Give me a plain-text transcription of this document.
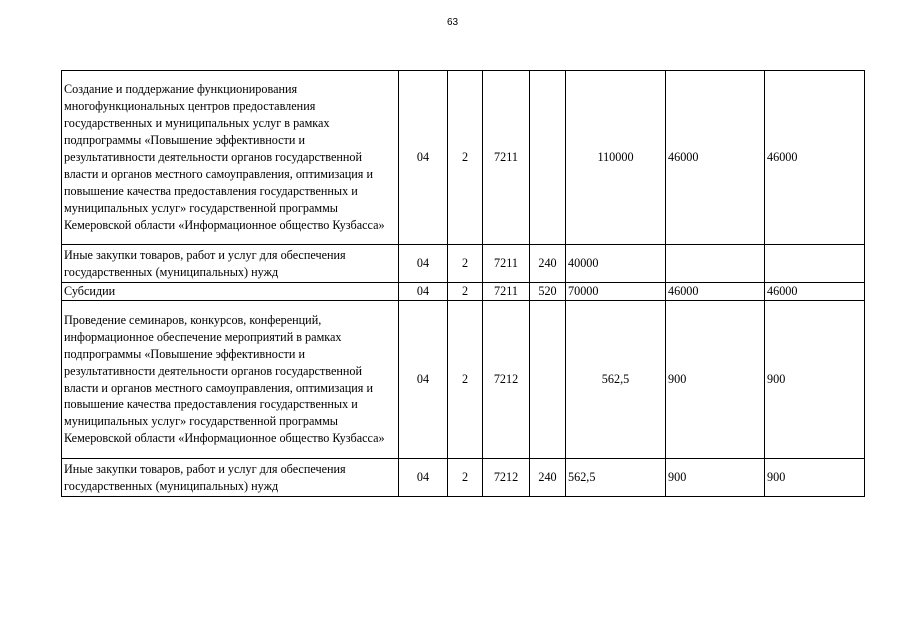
63
Создание и поддержание функционирования многофункциональных центров предоставления государственных и муниципальных услуг в рамках подпрограммы «Повышение эффективности и результативности деятельности органов государственной власти и органов местного самоуправления, оптимизация и повышение качества предоставления государственных и муниципальных услуг» государственной программы Кемеровской области «Информационное общество Кузбасса»	04	2	7211		110000	46000	46000
Иные закупки товаров, работ и услуг для обеспечения государственных (муниципальных) нужд	04	2	7211	240	40000		
Субсидии	04	2	7211	520	70000	46000	46000
Проведение семинаров, конкурсов, конференций, информационное обеспечение мероприятий в рамках подпрограммы «Повышение эффективности и результативности деятельности органов государственной власти и органов местного самоуправления, оптимизация и повышение качества предоставления государственных и муниципальных услуг» государственной программы Кемеровской области «Информационное общество Кузбасса»	04	2	7212		562,5	900	900
Иные закупки товаров, работ и услуг для обеспечения государственных (муниципальных) нужд	04	2	7212	240	562,5	900	900
